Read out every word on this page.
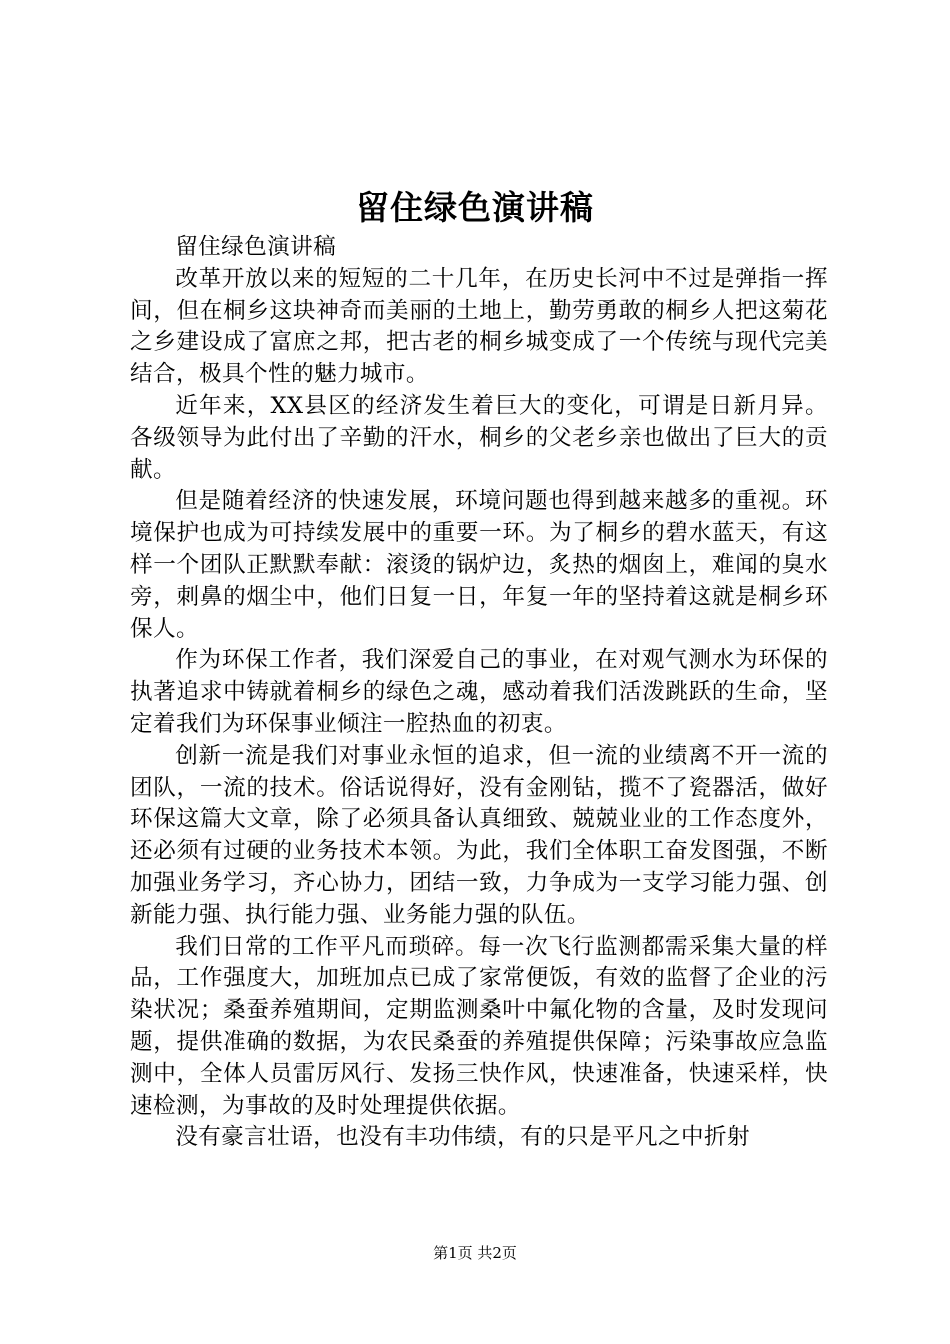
留住绿色演讲稿

留住绿色演讲稿

改革开放以来的短短的二十几年，在历史长河中不过是弹指一挥间，但在桐乡这块神奇而美丽的土地上，勤劳勇敢的桐乡人把这菊花之乡建设成了富庶之邦，把古老的桐乡城变成了一个传统与现代完美结合，极具个性的魅力城市。

近年来，XX县区的经济发生着巨大的变化，可谓是日新月异。各级领导为此付出了辛勤的汗水，桐乡的父老乡亲也做出了巨大的贡献。

但是随着经济的快速发展，环境问题也得到越来越多的重视。环境保护也成为可持续发展中的重要一环。为了桐乡的碧水蓝天，有这样一个团队正默默奉献：滚烫的锅炉边，炙热的烟囱上，难闻的臭水旁，刺鼻的烟尘中，他们日复一日，年复一年的坚持着这就是桐乡环保人。

作为环保工作者，我们深爱自己的事业，在对观气测水为环保的执著追求中铸就着桐乡的绿色之魂，感动着我们活泼跳跃的生命，坚定着我们为环保事业倾注一腔热血的初衷。

创新一流是我们对事业永恒的追求，但一流的业绩离不开一流的团队，一流的技术。俗话说得好，没有金刚钻，揽不了瓷器活，做好环保这篇大文章，除了必须具备认真细致、兢兢业业的工作态度外，还必须有过硬的业务技术本领。为此，我们全体职工奋发图强，不断加强业务学习，齐心协力，团结一致，力争成为一支学习能力强、创新能力强、执行能力强、业务能力强的队伍。

我们日常的工作平凡而琐碎。每一次飞行监测都需采集大量的样品，工作强度大，加班加点已成了家常便饭，有效的监督了企业的污染状况；桑蚕养殖期间，定期监测桑叶中氟化物的含量，及时发现问题，提供准确的数据，为农民桑蚕的养殖提供保障；污染事故应急监测中，全体人员雷厉风行、发扬三快作风，快速准备，快速采样，快速检测，为事故的及时处理提供依据。

没有豪言壮语，也没有丰功伟绩，有的只是平凡之中折射

第1页 共2页
